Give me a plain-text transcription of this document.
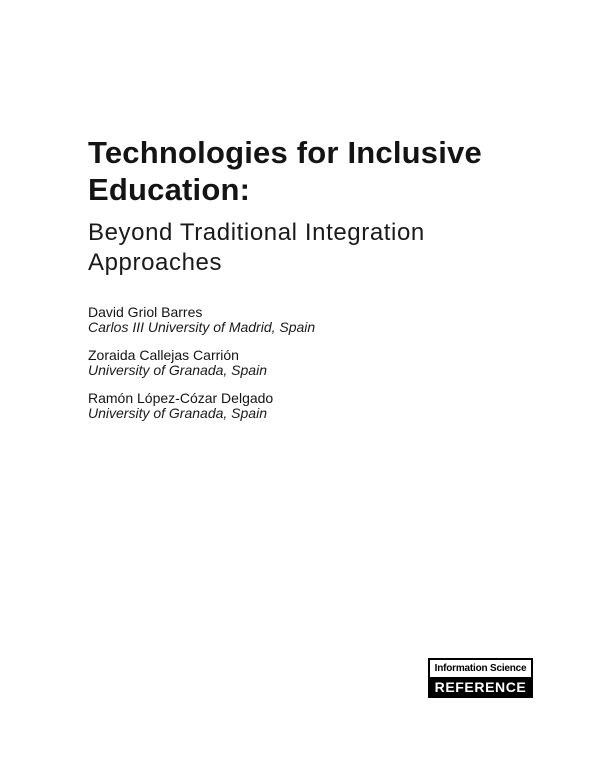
Technologies for Inclusive
Education:
Beyond Traditional Integration
Approaches
David Griol Barres
Carlos III University of Madrid, Spain
Zoraida Callejas Carrión
University of Granada, Spain
Ramón López-Cózar Delgado
University of Granada, Spain
Information Science
REFERENCE
